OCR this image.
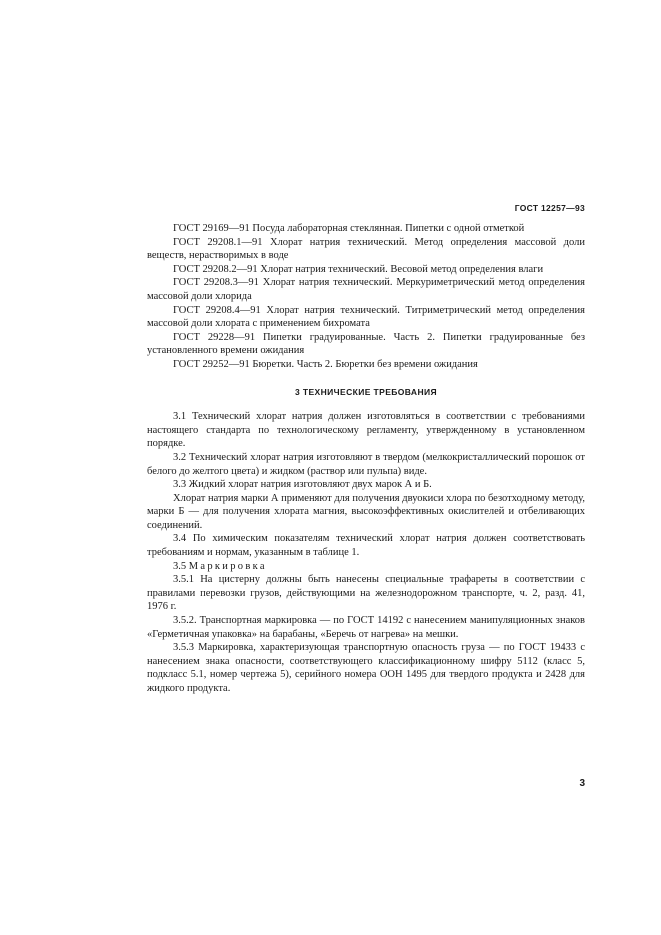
ГОСТ 12257—93

ГОСТ 29169—91 Посуда лабораторная стеклянная. Пипетки с одной отметкой

ГОСТ 29208.1—91 Хлорат натрия технический. Метод определения массовой доли веществ, нерастворимых в воде

ГОСТ 29208.2—91 Хлорат натрия технический. Весовой метод определения влаги

ГОСТ 29208.3—91 Хлорат натрия технический. Меркуриметрический метод определения массовой доли хлорида

ГОСТ 29208.4—91 Хлорат натрия технический. Титриметрический метод определения массовой доли хлората с применением бихромата

ГОСТ 29228—91 Пипетки градуированные. Часть 2. Пипетки градуированные без установленного времени ожидания

ГОСТ 29252—91 Бюретки. Часть 2. Бюретки без времени ожидания

3 ТЕХНИЧЕСКИЕ ТРЕБОВАНИЯ

3.1 Технический хлорат натрия должен изготовляться в соответствии с требованиями настоящего стандарта по технологическому регламенту, утвержденному в установленном порядке.

3.2 Технический хлорат натрия изготовляют в твердом (мелкокристаллический порошок от белого до желтого цвета) и жидком (раствор или пульпа) виде.

3.3 Жидкий хлорат натрия изготовляют двух марок А и Б.

Хлорат натрия марки А применяют для получения двуокиси хлора по безотходному методу, марки Б — для получения хлората магния, высокоэффективных окислителей и отбеливающих соединений.

3.4 По химическим показателям технический хлорат натрия должен соответствовать требованиям и нормам, указанным в таблице 1.

3.5 Маркировка

3.5.1 На цистерну должны быть нанесены специальные трафареты в соответствии с правилами перевозки грузов, действующими на железнодорожном транспорте, ч. 2, разд. 41, 1976 г.

3.5.2. Транспортная маркировка — по ГОСТ 14192 с нанесением манипуляционных знаков «Герметичная упаковка» на барабаны, «Беречь от нагрева» на мешки.

3.5.3 Маркировка, характеризующая транспортную опасность груза — по ГОСТ 19433 с нанесением знака опасности, соответствующего классификационному шифру 5112 (класс 5, подкласс 5.1, номер чертежа 5), серийного номера ООН 1495 для твердого продукта и 2428 для жидкого продукта.

3
